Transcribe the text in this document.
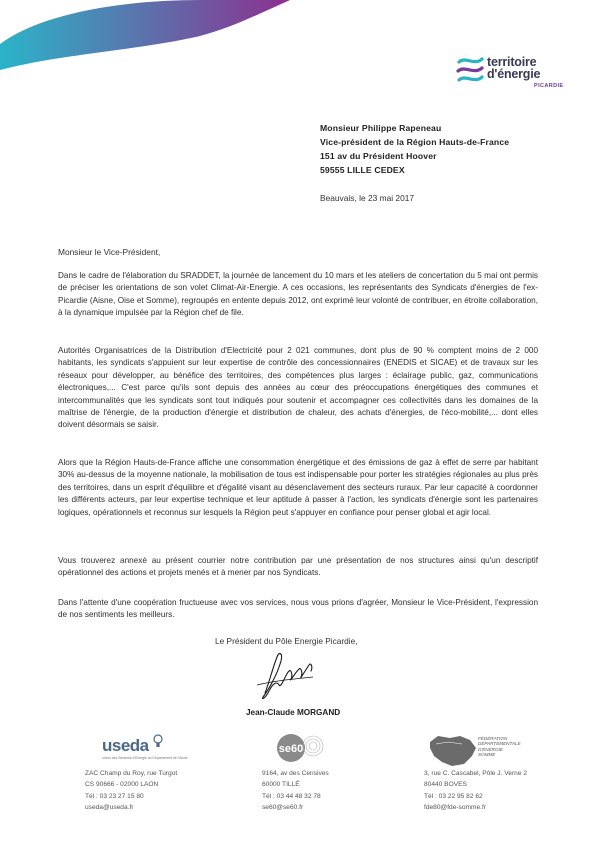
territoire
d'énergie
PICARDIE
Monsieur Philippe Rapeneau
Vice-président de la Région Hauts-de-France
151 av du Président Hoover
59555 LILLE CEDEX
Beauvais, le 23 mai 2017
Monsieur le Vice-Président,

Dans le cadre de l'élaboration du SRADDET, la journée de lancement du 10 mars et les ateliers de concertation du 5 mai ont permis de préciser les orientations de son volet Climat-Air-Energie. A ces occasions, les représentants des Syndicats d'énergies de l'ex-Picardie (Aisne, Oise et Somme), regroupés en entente depuis 2012, ont exprimé leur volonté de contribuer, en étroite collaboration, à la dynamique impulsée par la Région chef de file.

Autorités Organisatrices de la Distribution d'Electricité pour 2 021 communes, dont plus de 90 % comptent moins de 2 000 habitants, les syndicats s'appuient sur leur expertise de contrôle des concessionnaires (ENEDIS et SICAE) et de travaux sur les réseaux pour développer, au bénéfice des territoires, des compétences plus larges : éclairage public, gaz, communications électroniques,... C'est parce qu'ils sont depuis des années au cœur des préoccupations énergétiques des communes et intercommunalités que les syndicats sont tout indiqués pour soutenir et accompagner ces collectivités dans les domaines de la maîtrise de l'énergie, de la production d'énergie et distribution de chaleur, des achats d'énergies, de l'éco-mobilité,... dont elles doivent désormais se saisir.

Alors que la Région Hauts-de-France affiche une consommation énergétique et des émissions de gaz à effet de serre par habitant 30% au-dessus de la moyenne nationale, la mobilisation de tous est indispensable pour porter les stratégies régionales au plus près des territoires, dans un esprit d'équilibre et d'égalité visant au désenclavement des secteurs ruraux. Par leur capacité à coordonner les différents acteurs, par leur expertise technique et leur aptitude à passer à l'action, les syndicats d'énergie sont les partenaires logiques, opérationnels et reconnus sur lesquels la Région peut s'appuyer en confiance pour penser global et agir local.

Vous trouverez annexé au présent courrier notre contribution par une présentation de nos structures ainsi qu'un descriptif opérationnel des actions et projets menés et à mener par nos Syndicats.

Dans l'attente d'une coopération fructueuse avec vos services, nous vous prions d'agréer, Monsieur le Vice-Président, l'expression de nos sentiments les meilleurs.

Le Président du Pôle Energie Picardie,
Jean-Claude MORGAND
useda
Union des Secteurs d'Energie du Département de l'Aisne
ZAC Champ du Roy, rue Turgot
CS 90666 - 02000 LAON
Tél : 03 23 27 15 80
useda@useda.fr
se60
9164, av des Censives
60000 TILLÉ
Tél : 03 44 48 32 78
se60@se60.fr
FÉDÉRATION
DÉPARTEMENTALE
D'ÉNERGIE
SOMME
3, rue C. Cascabel, Pôle J. Verne 2
80440 BOVES
Tél : 03 22 95 82 62
fde80@fde-somme.fr
